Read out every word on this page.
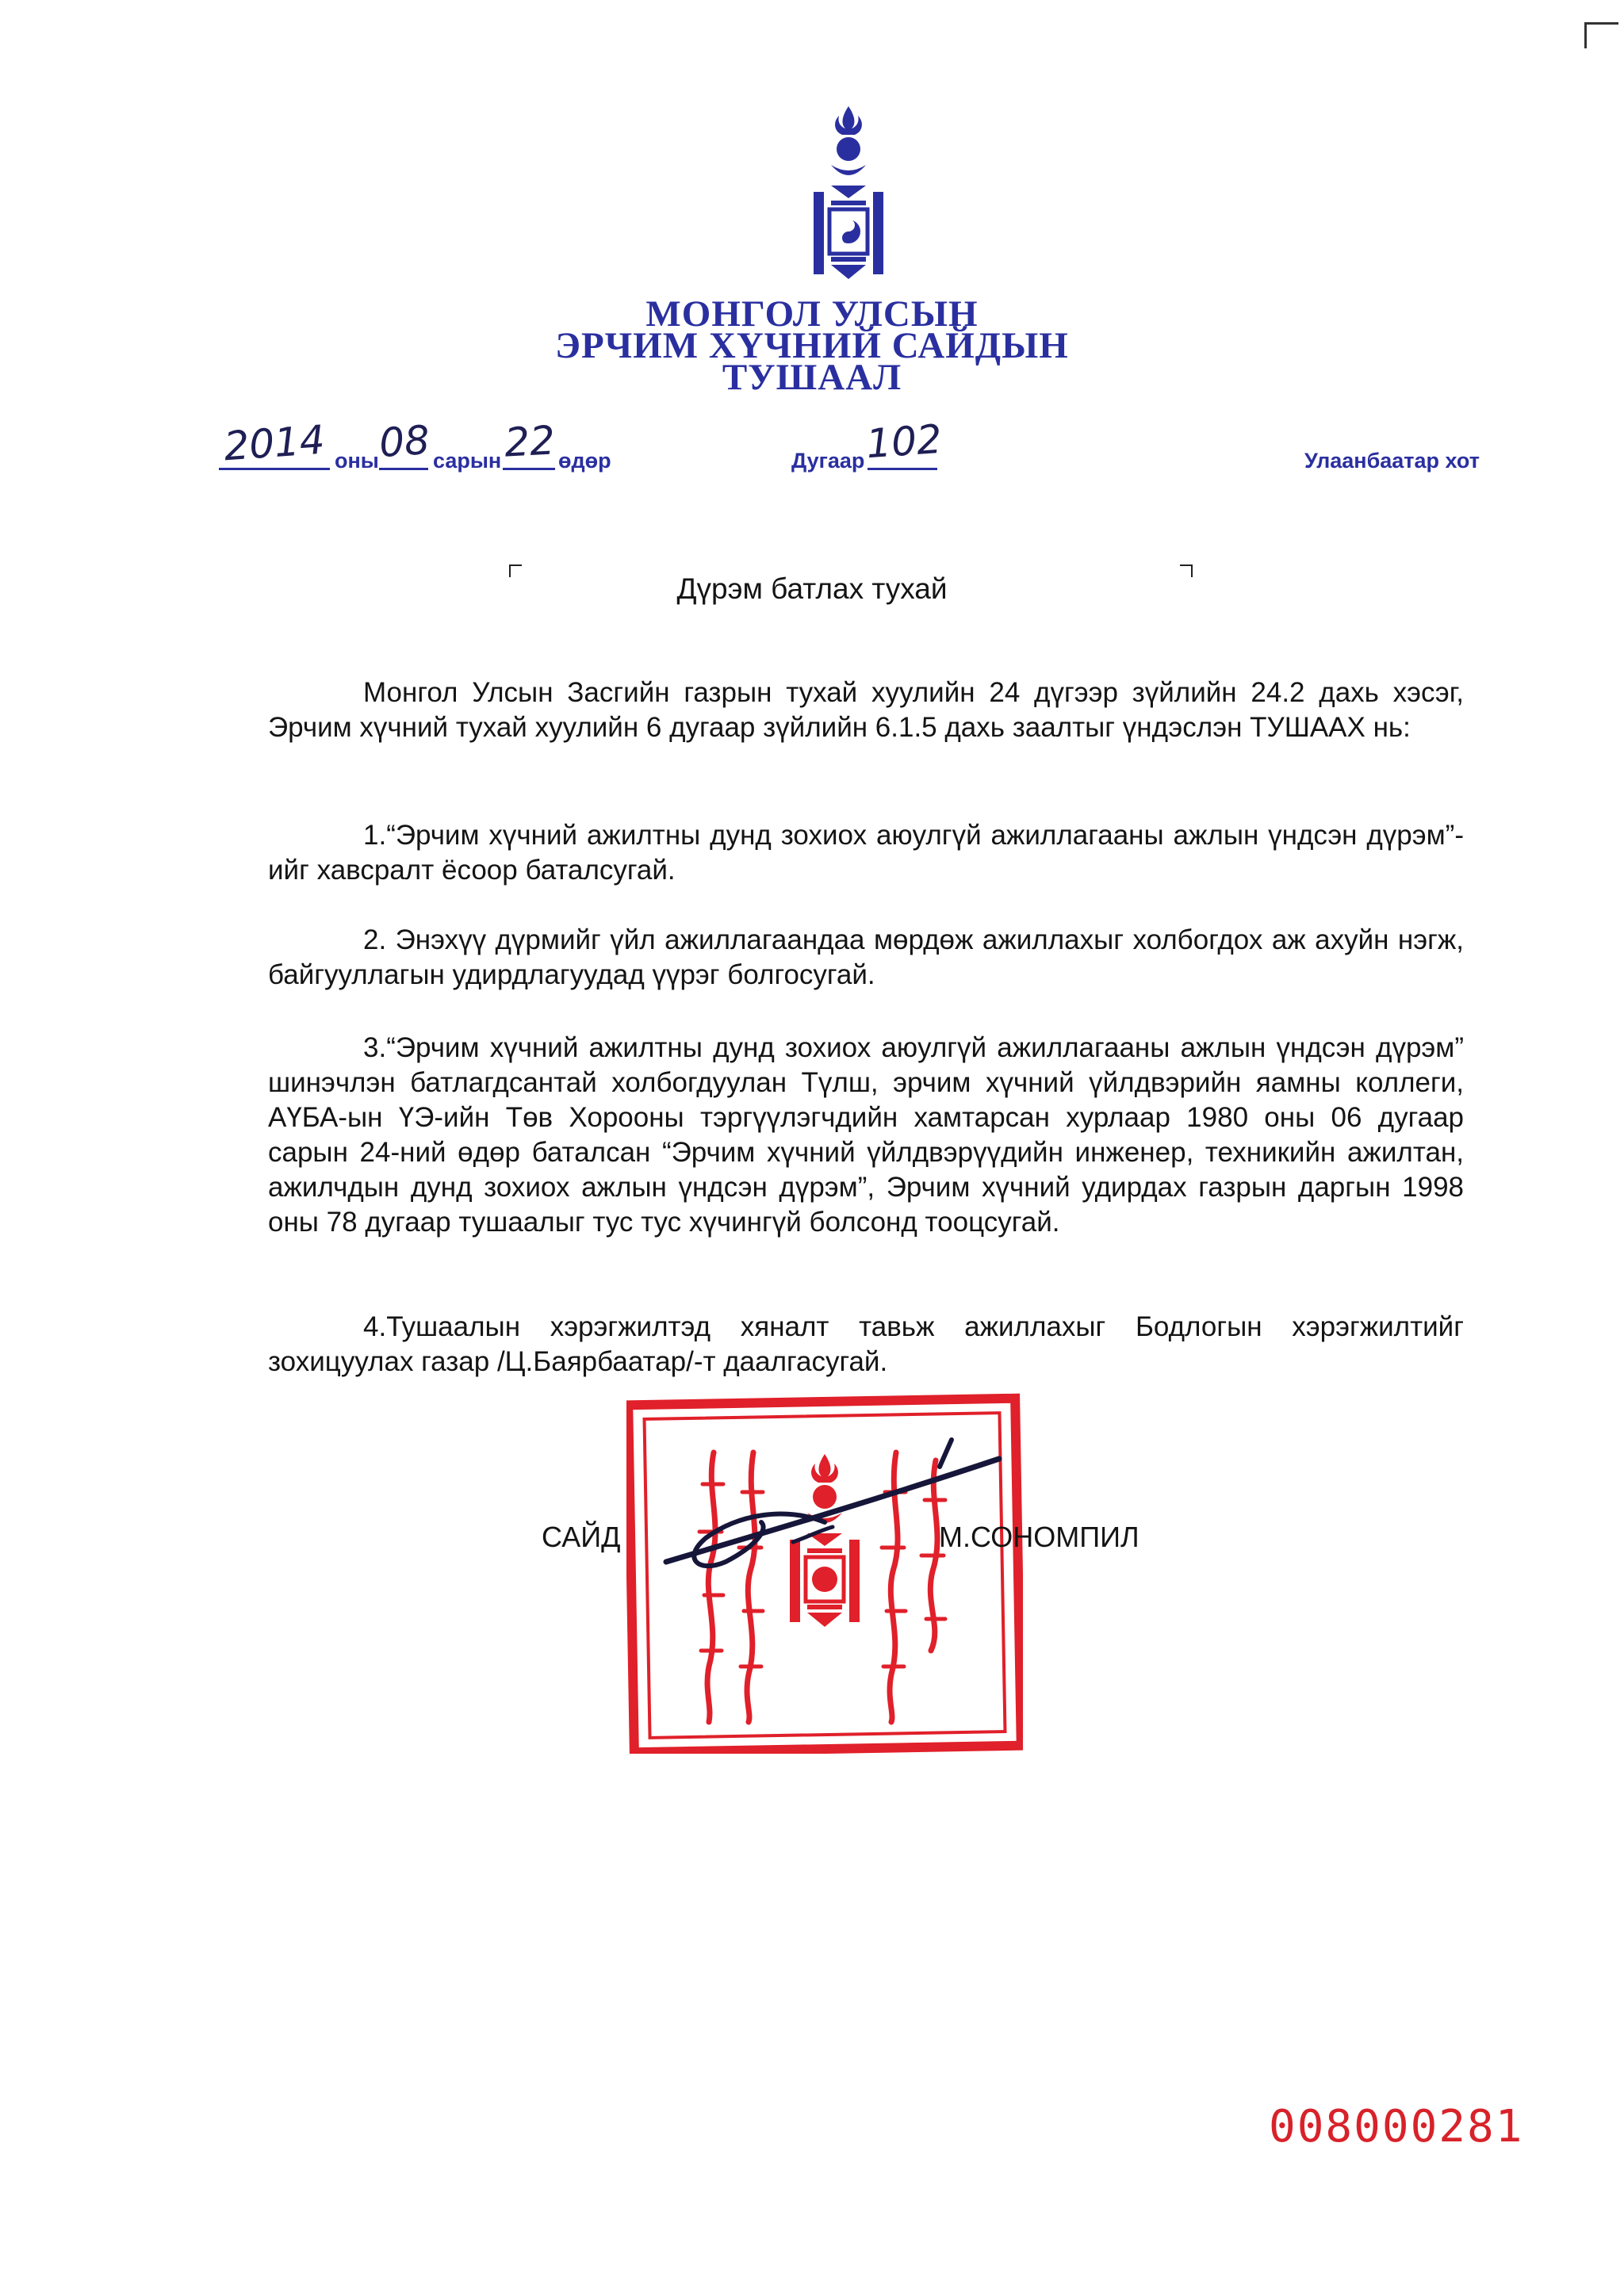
МОНГОЛ УЛСЫН
ЭРЧИМ ХҮЧНИЙ САЙДЫН
ТУШААЛ
2014 оны
08 сарын 22 өдөр	Дугаар 102	Улаанбаатар хот
Дүрэм батлах тухай

Монгол Улсын Засгийн газрын тухай хуулийн 24 дүгээр зүйлийн 24.2 дахь хэсэг, Эрчим хүчний тухай хуулийн 6 дугаар зүйлийн 6.1.5 дахь заалтыг үндэслэн ТУШААХ нь:

1.“Эрчим хүчний ажилтны дунд зохиох аюулгүй ажиллагааны ажлын үндсэн дүрэм”-ийг хавсралт ёсоор баталсугай.

2. Энэхүү дүрмийг үйл ажиллагаандаа мөрдөж ажиллахыг холбогдох аж ахуйн нэгж, байгууллагын удирдлагуудад үүрэг болгосугай.

3.“Эрчим хүчний ажилтны дунд зохиох аюулгүй ажиллагааны ажлын үндсэн дүрэм” шинэчлэн батлагдсантай холбогдуулан Түлш, эрчим хүчний үйлдвэрийн яамны коллеги, АҮБА-ын ҮЭ-ийн Төв Хорооны тэргүүлэгчдийн хамтарсан хурлаар 1980 оны 06 дугаар сарын 24-ний өдөр баталсан “Эрчим хүчний үйлдвэрүүдийн инженер, техникийн ажилтан, ажилчдын дунд зохиох ажлын үндсэн дүрэм”, Эрчим хүчний удирдах газрын даргын 1998 оны 78 дугаар тушаалыг тус тус хүчингүй болсонд тооцсугай.

4.Тушаалын хэрэгжилтэд хяналт тавьж ажиллахыг Бодлогын хэрэгжилтийг зохицуулах газар /Ц.Баярбаатар/-т даалгасугай.

САЙД	М.СОНОМПИЛ
008000281
